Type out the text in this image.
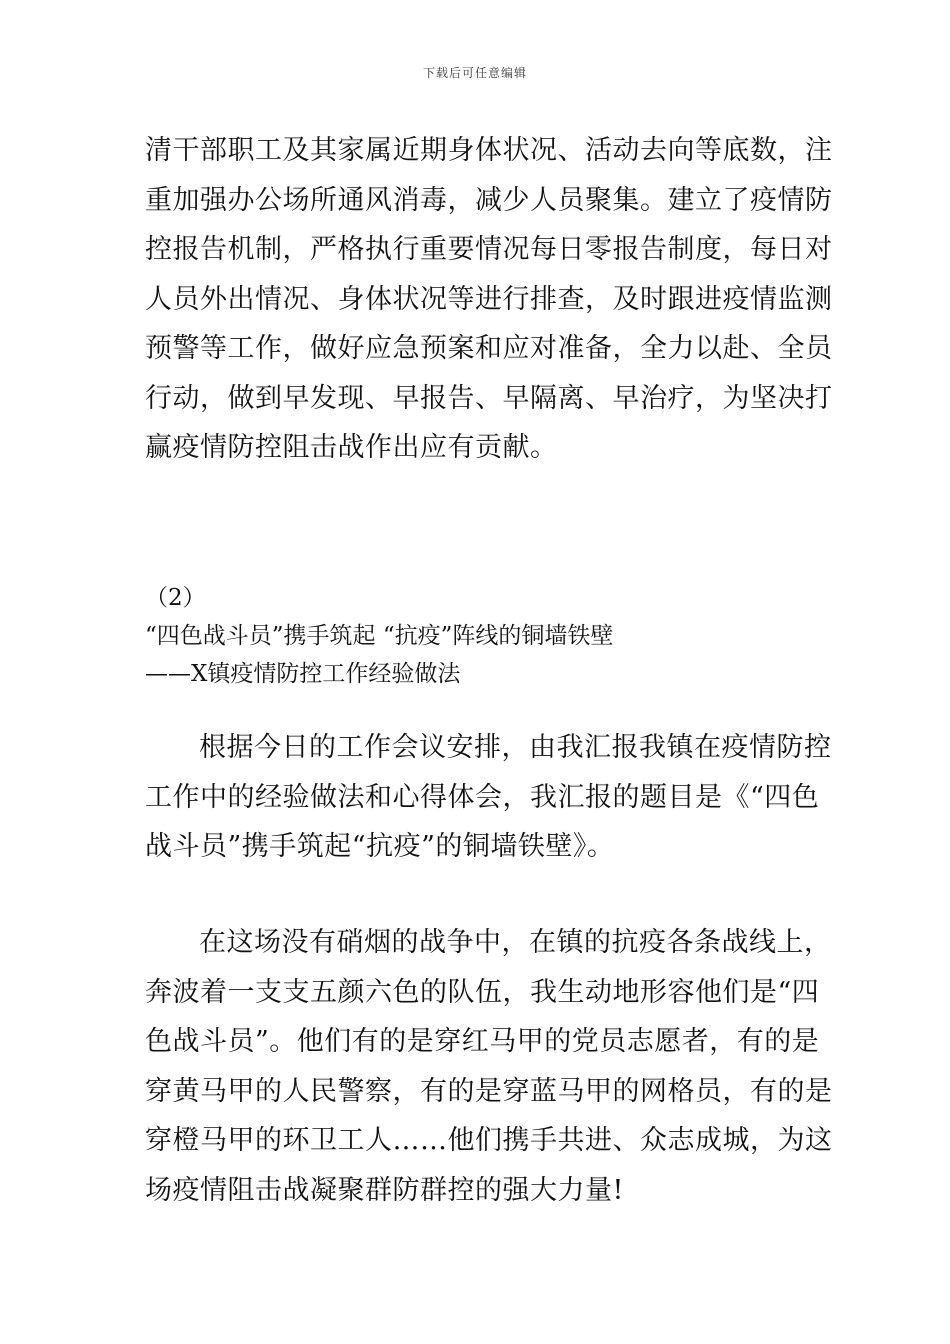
下载后可任意编辑
清干部职工及其家属近期身体状况、活动去向等底数，注
重加强办公场所通风消毒，减少人员聚集。建立了疫情防
控报告机制，严格执行重要情况每日零报告制度，每日对
人员外出情况、身体状况等进行排查，及时跟进疫情监测
预警等工作，做好应急预案和应对准备，全力以赴、全员
行动，做到早发现、早报告、早隔离、早治疗，为坚决打
赢疫情防控阻击战作出应有贡献。
（2）
“四色战斗员”携手筑起 “抗疫”阵线的铜墙铁壁
——X镇疫情防控工作经验做法
根据今日的工作会议安排，由我汇报我镇在疫情防控
工作中的经验做法和心得体会，我汇报的题目是《“四色
战斗员”携手筑起“抗疫”的铜墙铁壁》。
在这场没有硝烟的战争中，在镇的抗疫各条战线上，
奔波着一支支五颜六色的队伍，我生动地形容他们是“四
色战斗员”。他们有的是穿红马甲的党员志愿者，有的是
穿黄马甲的人民警察，有的是穿蓝马甲的网格员，有的是
穿橙马甲的环卫工人……他们携手共进、众志成城，为这
场疫情阻击战凝聚群防群控的强大力量!
